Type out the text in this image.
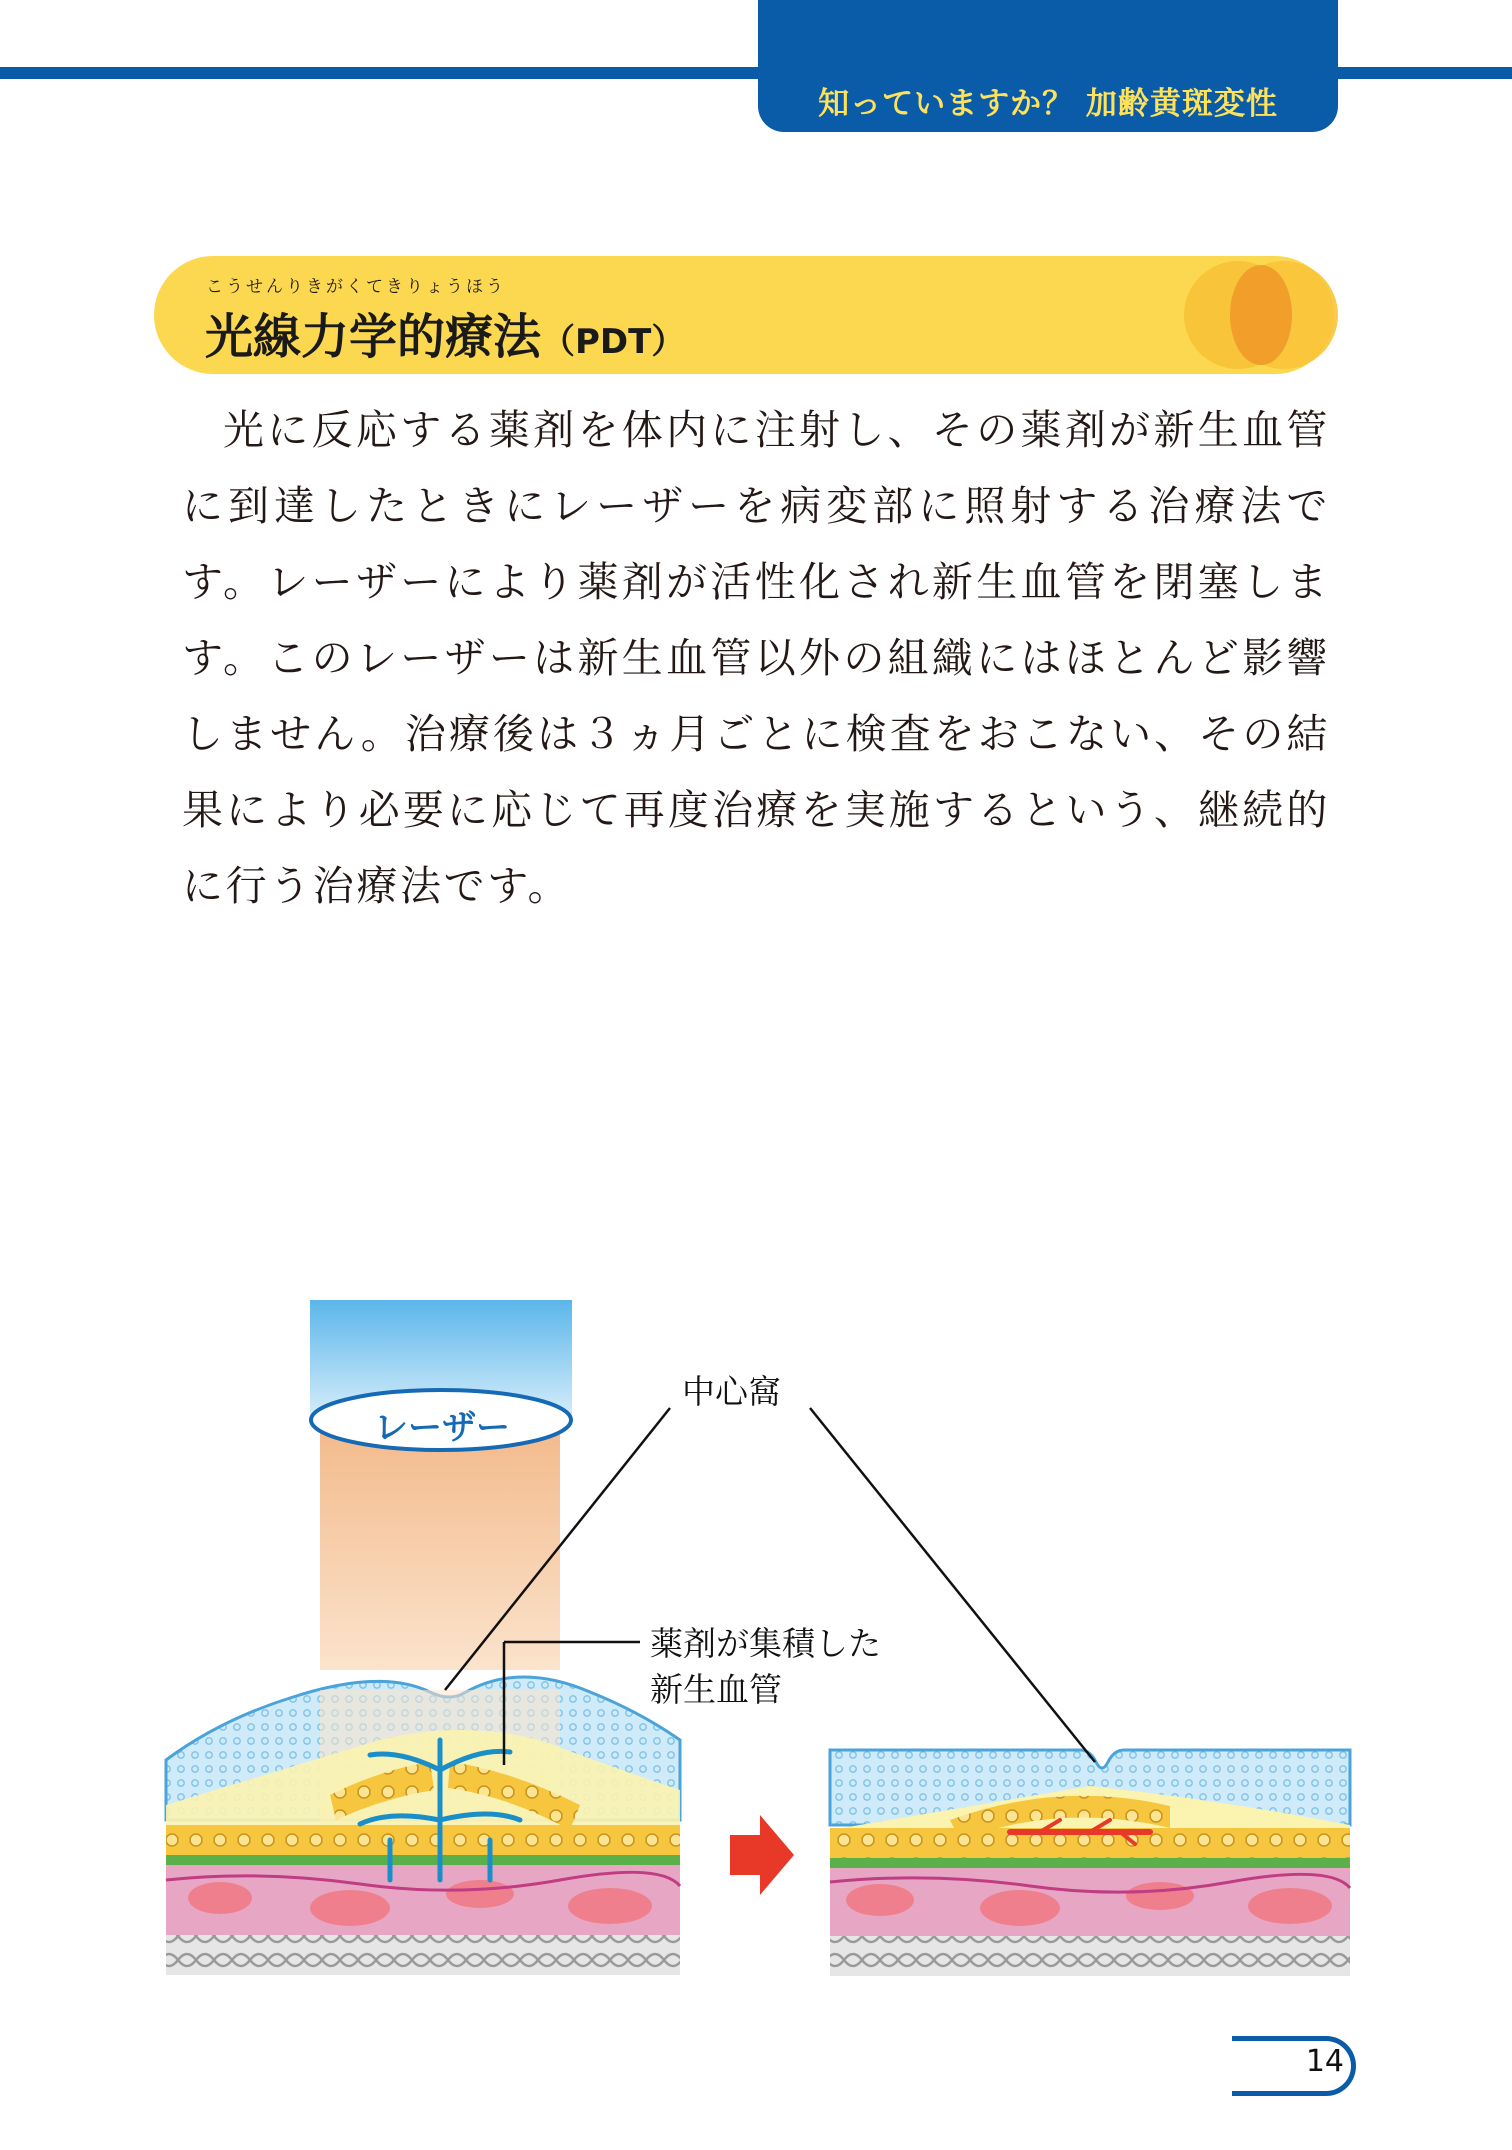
知っていますか？ 加齢黄斑変性
こうせんりきがくてきりょうほう
光線力学的療法（PDT）
光に反応する薬剤を体内に注射し、その薬剤が新生血管に到達したときにレーザーを病変部に照射する治療法です。レーザーにより薬剤が活性化され新生血管を閉塞します。このレーザーは新生血管以外の組織にはほとんど影響しません。治療後は３ヵ月ごとに検査をおこない、その結果により必要に応じて再度治療を実施するという、継続的に行う治療法です。
レーザー
中心窩
薬剤が集積した
新生血管
14
